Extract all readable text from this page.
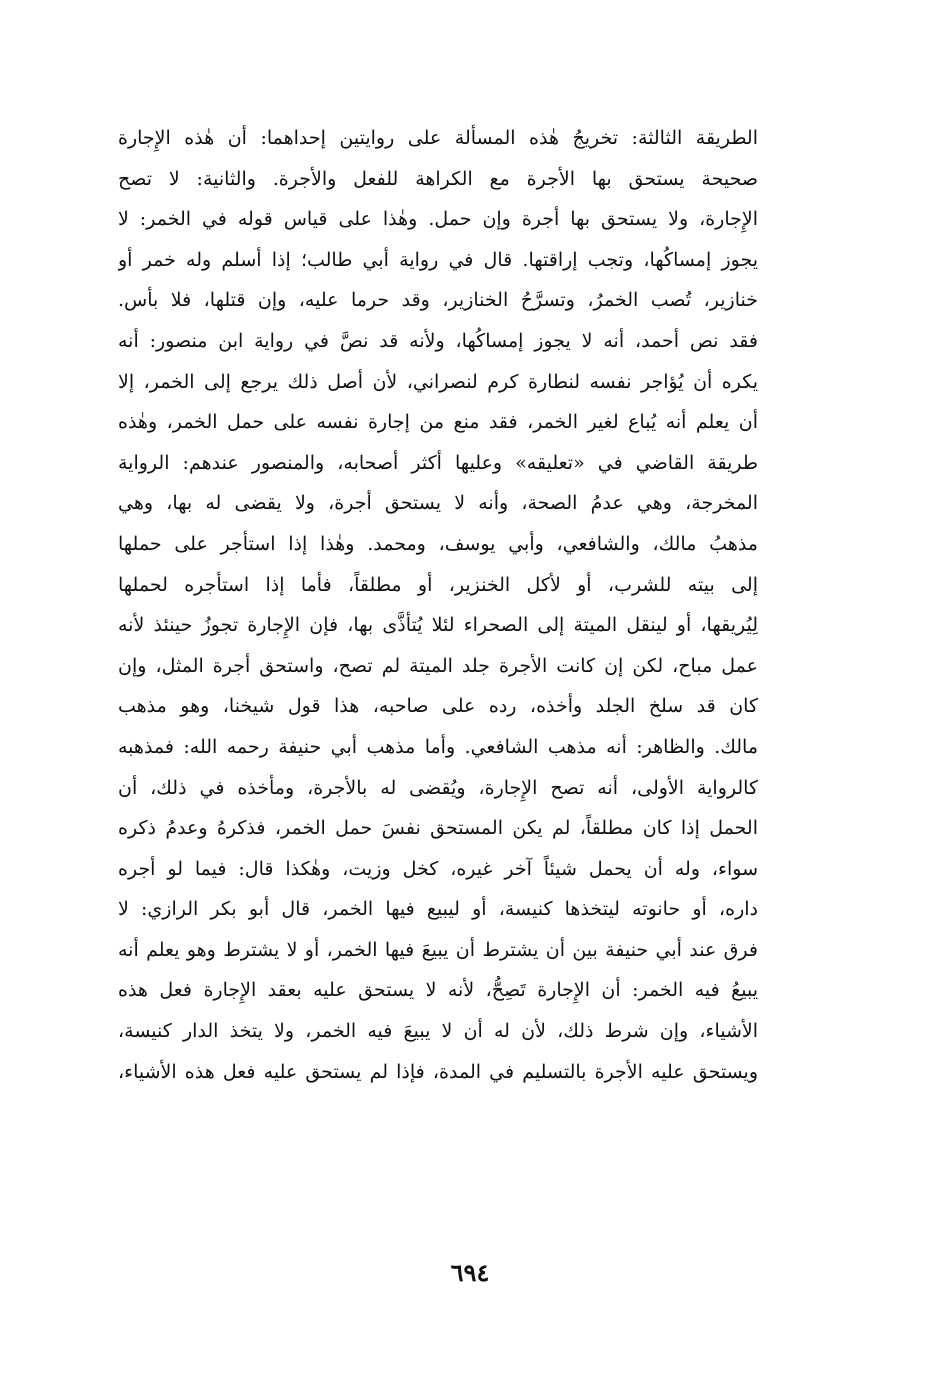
الطريقة الثالثة: تخريجُ هٰذه المسألة على روايتين إحداهما: أن هٰذه الإِجارة
صحيحة يستحق بها الأجرة مع الكراهة للفعل والأجرة. والثانية: لا تصح
الإِجارة، ولا يستحق بها أجرة وإن حمل. وهٰذا على قياس قوله في الخمر: لا
يجوز إمساكُها، وتجب إراقتها. قال في رواية أبي طالب؛ إذا أسلم وله خمر أو
خنازير، تُصب الخمرُ، وتسرَّحُ الخنازير، وقد حرما عليه، وإن قتلها، فلا بأس.
فقد نص أحمد، أنه لا يجوز إمساكُها، ولأنه قد نصَّ في رواية ابن منصور: أنه
يكره أن يُؤاجر نفسه لنطارة كرم لنصراني، لأن أصل ذلك يرجع إلى الخمر، إلا
أن يعلم أنه يُباع لغير الخمر، فقد منع من إجارة نفسه على حمل الخمر، وهٰذه
طريقة القاضي في «تعليقه» وعليها أكثر أصحابه، والمنصور عندهم: الرواية
المخرجة، وهي عدمُ الصحة، وأنه لا يستحق أجرة، ولا يقضى له بها، وهي
مذهبُ مالك، والشافعي، وأبي يوسف، ومحمد. وهٰذا إذا استأجر على حملها
إلى بيته للشرب، أو لأكل الخنزير، أو مطلقاً، فأما إذا استأجره لحملها
لِيُريقها، أو لينقل الميتة إلى الصحراء لئلا يُتأذَّى بها، فإن الإِجارة تجوزُ حينئذ لأنه
عمل مباح، لكن إن كانت الأجرة جلد الميتة لم تصح، واستحق أجرة المثل، وإن
كان قد سلخ الجلد وأخذه، رده على صاحبه، هذا قول شيخنا، وهو مذهب
مالك. والظاهر: أنه مذهب الشافعي. وأما مذهب أبي حنيفة رحمه الله: فمذهبه
كالرواية الأولى، أنه تصح الإِجارة، ويُقضى له بالأجرة، ومأخذه في ذلك، أن
الحمل إذا كان مطلقاً، لم يكن المستحق نفسَ حمل الخمر، فذكرهُ وعدمُ ذكره
سواء، وله أن يحمل شيئاً آخر غيره، كخل وزيت، وهٰكذا قال: فيما لو أجره
داره، أو حانوته ليتخذها كنيسة، أو ليبيع فيها الخمر، قال أبو بكر الرازي: لا
فرق عند أبي حنيفة بين أن يشترط أن يبيعَ فيها الخمر، أو لا يشترط وهو يعلم أنه
يبيعُ فيه الخمر: أن الإِجارة تَصِحُّ، لأنه لا يستحق عليه بعقد الإِجارة فعل هذه
الأشياء، وإن شرط ذلك، لأن له أن لا يبيعَ فيه الخمر، ولا يتخذ الدار كنيسة،
ويستحق عليه الأجرة بالتسليم في المدة، فإذا لم يستحق عليه فعل هذه الأشياء،
٦٩٤
